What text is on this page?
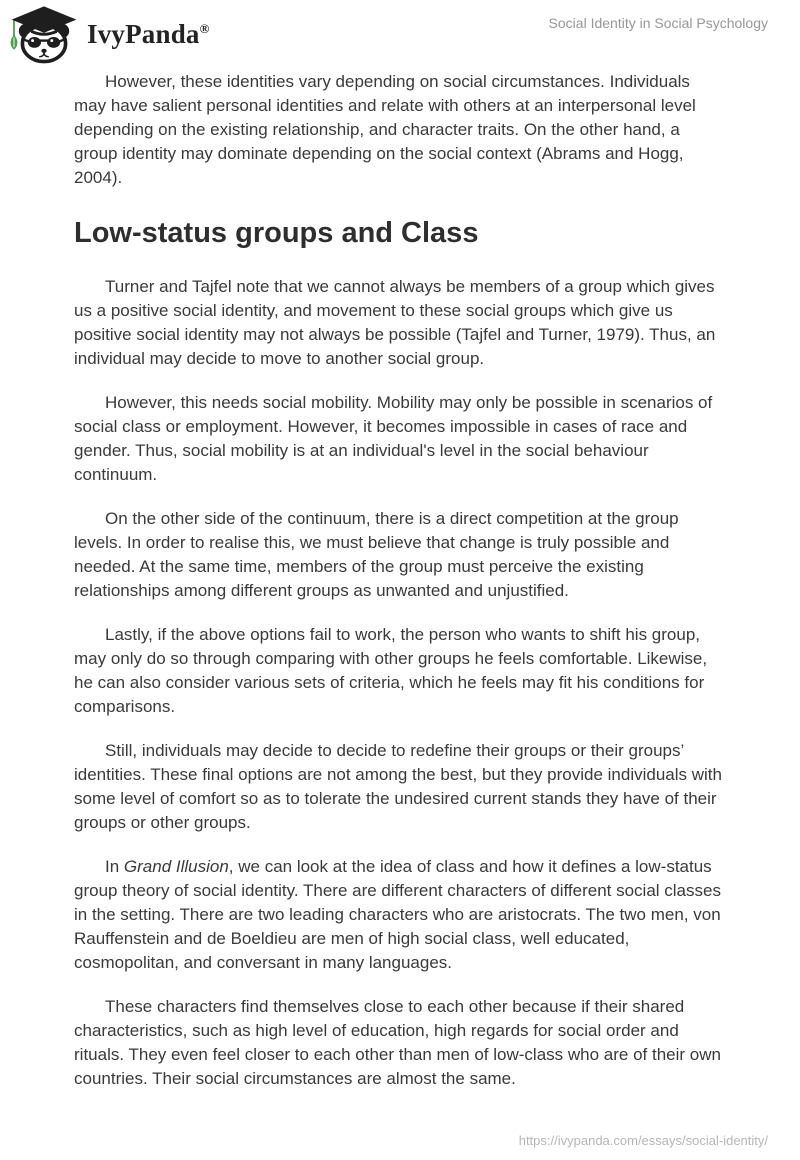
IvyPanda®	Social Identity in Social Psychology

However, these identities vary depending on social circumstances. Individuals may have salient personal identities and relate with others at an interpersonal level depending on the existing relationship, and character traits. On the other hand, a group identity may dominate depending on the social context (Abrams and Hogg, 2004).

Low-status groups and Class

Turner and Tajfel note that we cannot always be members of a group which gives us a positive social identity, and movement to these social groups which give us positive social identity may not always be possible (Tajfel and Turner, 1979). Thus, an individual may decide to move to another social group.

However, this needs social mobility. Mobility may only be possible in scenarios of social class or employment. However, it becomes impossible in cases of race and gender. Thus, social mobility is at an individual's level in the social behaviour continuum.

On the other side of the continuum, there is a direct competition at the group levels. In order to realise this, we must believe that change is truly possible and needed. At the same time, members of the group must perceive the existing relationships among different groups as unwanted and unjustified.

Lastly, if the above options fail to work, the person who wants to shift his group, may only do so through comparing with other groups he feels comfortable. Likewise, he can also consider various sets of criteria, which he feels may fit his conditions for comparisons.

Still, individuals may decide to decide to redefine their groups or their groups’ identities. These final options are not among the best, but they provide individuals with some level of comfort so as to tolerate the undesired current stands they have of their groups or other groups.

In Grand Illusion, we can look at the idea of class and how it defines a low-status group theory of social identity. There are different characters of different social classes in the setting. There are two leading characters who are aristocrats. The two men, von Rauffenstein and de Boeldieu are men of high social class, well educated, cosmopolitan, and conversant in many languages.

These characters find themselves close to each other because if their shared characteristics, such as high level of education, high regards for social order and rituals. They even feel closer to each other than men of low-class who are of their own countries. Their social circumstances are almost the same.

https://ivypanda.com/essays/social-identity/
